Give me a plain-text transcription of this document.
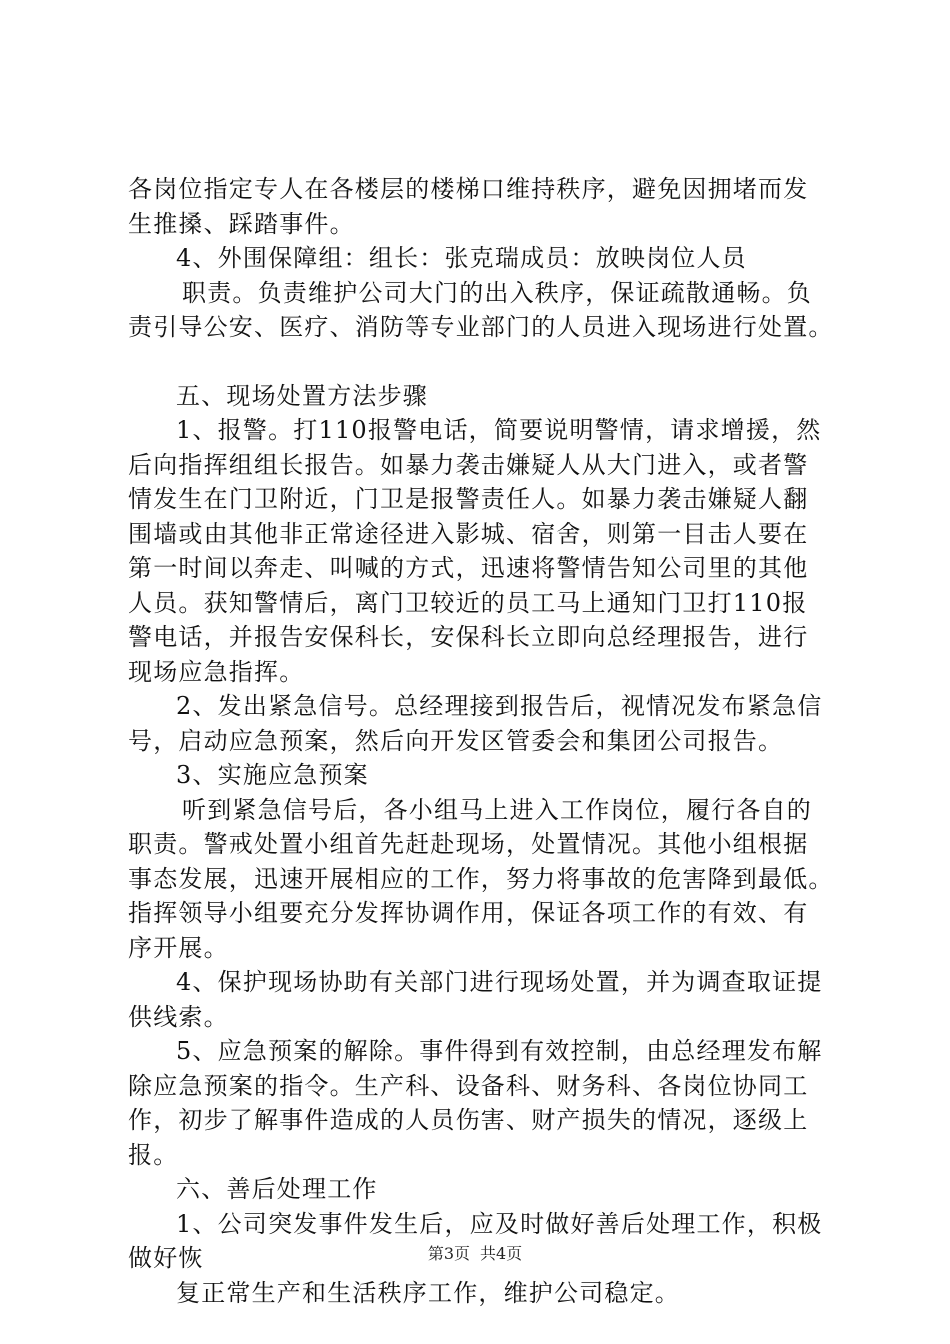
各岗位指定专人在各楼层的楼梯口维持秩序，避免因拥堵而发
生推搡、踩踏事件。
4、外围保障组：组长：张克瑞成员：放映岗位人员
职责。负责维护公司大门的出入秩序，保证疏散通畅。负
责引导公安、医疗、消防等专业部门的人员进入现场进行处置。
五、现场处置方法步骤
1、报警。打110报警电话，简要说明警情，请求增援，然
后向指挥组组长报告。如暴力袭击嫌疑人从大门进入，或者警
情发生在门卫附近，门卫是报警责任人。如暴力袭击嫌疑人翻
围墙或由其他非正常途径进入影城、宿舍，则第一目击人要在
第一时间以奔走、叫喊的方式，迅速将警情告知公司里的其他
人员。获知警情后，离门卫较近的员工马上通知门卫打110报
警电话，并报告安保科长，安保科长立即向总经理报告，进行
现场应急指挥。
2、发出紧急信号。总经理接到报告后，视情况发布紧急信
号，启动应急预案，然后向开发区管委会和集团公司报告。
3、实施应急预案
听到紧急信号后，各小组马上进入工作岗位，履行各自的
职责。警戒处置小组首先赶赴现场，处置情况。其他小组根据
事态发展，迅速开展相应的工作，努力将事故的危害降到最低。
指挥领导小组要充分发挥协调作用，保证各项工作的有效、有
序开展。
4、保护现场协助有关部门进行现场处置，并为调查取证提
供线索。
5、应急预案的解除。事件得到有效控制，由总经理发布解
除应急预案的指令。生产科、设备科、财务科、各岗位协同工
作，初步了解事件造成的人员伤害、财产损失的情况，逐级上
报。
六、善后处理工作
1、公司突发事件发生后，应及时做好善后处理工作，积极
做好恢
复正常生产和生活秩序工作，维护公司稳定。
第3页 共4页
